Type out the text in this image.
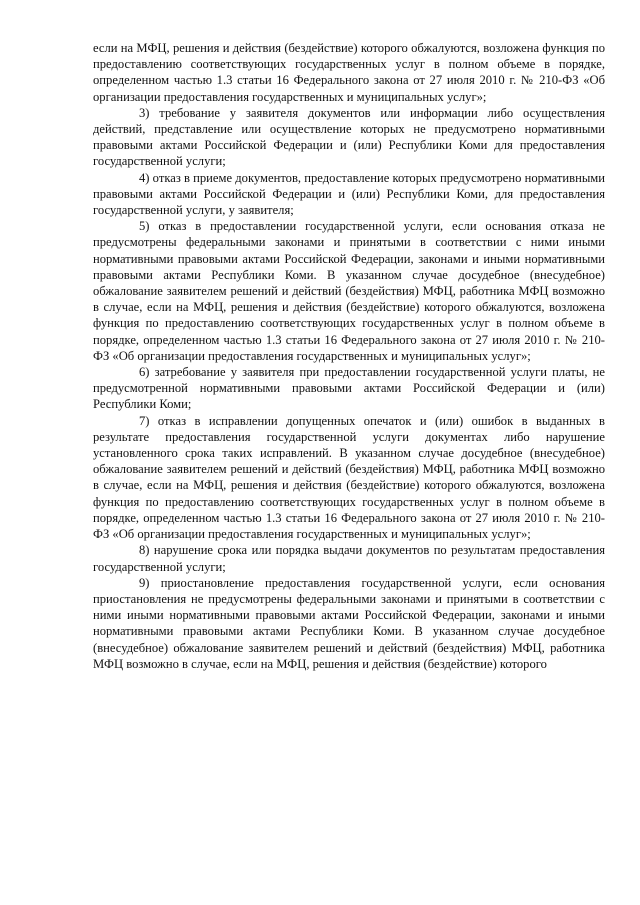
если на МФЦ, решения и действия (бездействие) которого обжалуются, возложена функция по предоставлению соответствующих государственных услуг в полном объеме в порядке, определенном частью 1.3 статьи 16 Федерального закона от 27 июля 2010 г. № 210-ФЗ «Об организации предоставления государственных и муниципальных услуг»;

3) требование у заявителя документов или информации либо осуществления действий, представление или осуществление которых не предусмотрено нормативными правовыми актами Российской Федерации и (или) Республики Коми для предоставления государственной услуги;

4) отказ в приеме документов, предоставление которых предусмотрено нормативными правовыми актами Российской Федерации и (или) Республики Коми, для предоставления государственной услуги, у заявителя;

5) отказ в предоставлении государственной услуги, если основания отказа не предусмотрены федеральными законами и принятыми в соответствии с ними иными нормативными правовыми актами Российской Федерации, законами и иными нормативными правовыми актами Республики Коми. В указанном случае досудебное (внесудебное) обжалование заявителем решений и действий (бездействия) МФЦ, работника МФЦ возможно в случае, если на МФЦ, решения и действия (бездействие) которого обжалуются, возложена функция по предоставлению соответствующих государственных услуг в полном объеме в порядке, определенном частью 1.3 статьи 16 Федерального закона от 27 июля 2010 г. № 210-ФЗ «Об организации предоставления государственных и муниципальных услуг»;

6) затребование у заявителя при предоставлении государственной услуги платы, не предусмотренной нормативными правовыми актами Российской Федерации и (или) Республики Коми;

7) отказ в исправлении допущенных опечаток и (или) ошибок в выданных в результате предоставления государственной услуги документах либо нарушение установленного срока таких исправлений. В указанном случае досудебное (внесудебное) обжалование заявителем решений и действий (бездействия) МФЦ, работника МФЦ возможно в случае, если на МФЦ, решения и действия (бездействие) которого обжалуются, возложена функция по предоставлению соответствующих государственных услуг в полном объеме в порядке, определенном частью 1.3 статьи 16 Федерального закона от 27 июля 2010 г. № 210-ФЗ «Об организации предоставления государственных и муниципальных услуг»;

8) нарушение срока или порядка выдачи документов по результатам предоставления государственной услуги;

9) приостановление предоставления государственной услуги, если основания приостановления не предусмотрены федеральными законами и принятыми в соответствии с ними иными нормативными правовыми актами Российской Федерации, законами и иными нормативными правовыми актами Республики Коми. В указанном случае досудебное (внесудебное) обжалование заявителем решений и действий (бездействия) МФЦ, работника МФЦ возможно в случае, если на МФЦ, решения и действия (бездействие) которого
